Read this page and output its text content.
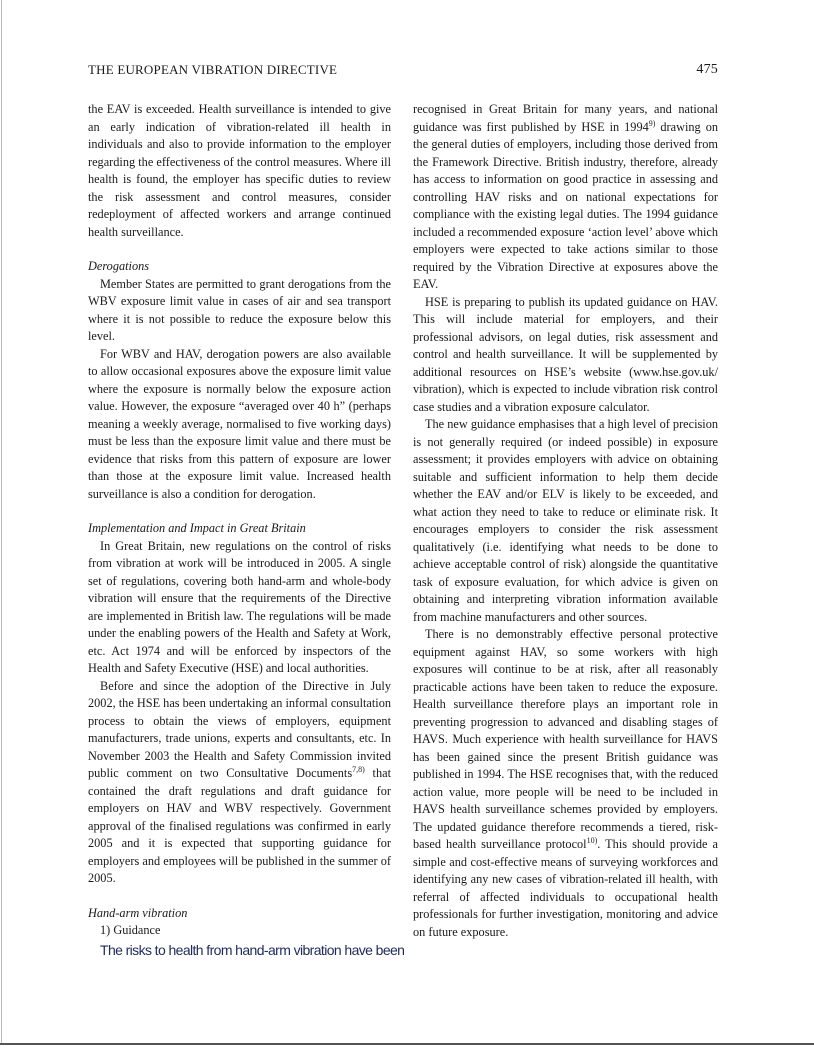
THE EUROPEAN VIBRATION DIRECTIVE	475

the EAV is exceeded. Health surveillance is intended to give an early indication of vibration-related ill health in individuals and also to provide information to the employer regarding the effectiveness of the control measures. Where ill health is found, the employer has specific duties to review the risk assessment and control measures, consider redeployment of affected workers and arrange continued health surveillance.

Derogations

Member States are permitted to grant derogations from the WBV exposure limit value in cases of air and sea transport where it is not possible to reduce the exposure below this level.

For WBV and HAV, derogation powers are also available to allow occasional exposures above the exposure limit value where the exposure is normally below the exposure action value. However, the exposure “averaged over 40 h” (perhaps meaning a weekly average, normalised to five working days) must be less than the exposure limit value and there must be evidence that risks from this pattern of exposure are lower than those at the exposure limit value. Increased health surveillance is also a condition for derogation.

Implementation and Impact in Great Britain

In Great Britain, new regulations on the control of risks from vibration at work will be introduced in 2005. A single set of regulations, covering both hand-arm and whole-body vibration will ensure that the requirements of the Directive are implemented in British law. The regulations will be made under the enabling powers of the Health and Safety at Work, etc. Act 1974 and will be enforced by inspectors of the Health and Safety Executive (HSE) and local authorities.

Before and since the adoption of the Directive in July 2002, the HSE has been undertaking an informal consultation process to obtain the views of employers, equipment manufacturers, trade unions, experts and consultants, etc. In November 2003 the Health and Safety Commission invited public comment on two Consultative Documents$^{7,8)}$ that contained the draft regulations and draft guidance for employers on HAV and WBV respectively. Government approval of the finalised regulations was confirmed in early 2005 and it is expected that supporting guidance for employers and employees will be published in the summer of 2005.

Hand-arm vibration

1) Guidance

The risks to health from hand-arm vibration have been

recognised in Great Britain for many years, and national guidance was first published by HSE in 1994$^{9)}$ drawing on the general duties of employers, including those derived from the Framework Directive. British industry, therefore, already has access to information on good practice in assessing and controlling HAV risks and on national expectations for compliance with the existing legal duties. The 1994 guidance included a recommended exposure ‘action level’ above which employers were expected to take actions similar to those required by the Vibration Directive at exposures above the EAV.

HSE is preparing to publish its updated guidance on HAV. This will include material for employers, and their professional advisors, on legal duties, risk assessment and control and health surveillance. It will be supplemented by additional resources on HSE’s website (www.hse.gov.uk/ vibration), which is expected to include vibration risk control case studies and a vibration exposure calculator.

The new guidance emphasises that a high level of precision is not generally required (or indeed possible) in exposure assessment; it provides employers with advice on obtaining suitable and sufficient information to help them decide whether the EAV and/or ELV is likely to be exceeded, and what action they need to take to reduce or eliminate risk. It encourages employers to consider the risk assessment qualitatively (i.e. identifying what needs to be done to achieve acceptable control of risk) alongside the quantitative task of exposure evaluation, for which advice is given on obtaining and interpreting vibration information available from machine manufacturers and other sources.

There is no demonstrably effective personal protective equipment against HAV, so some workers with high exposures will continue to be at risk, after all reasonably practicable actions have been taken to reduce the exposure. Health surveillance therefore plays an important role in preventing progression to advanced and disabling stages of HAVS. Much experience with health surveillance for HAVS has been gained since the present British guidance was published in 1994. The HSE recognises that, with the reduced action value, more people will be need to be included in HAVS health surveillance schemes provided by employers. The updated guidance therefore recommends a tiered, risk-based health surveillance protocol$^{10)}$. This should provide a simple and cost-effective means of surveying workforces and identifying any new cases of vibration-related ill health, with referral of affected individuals to occupational health professionals for further investigation, monitoring and advice on future exposure.
